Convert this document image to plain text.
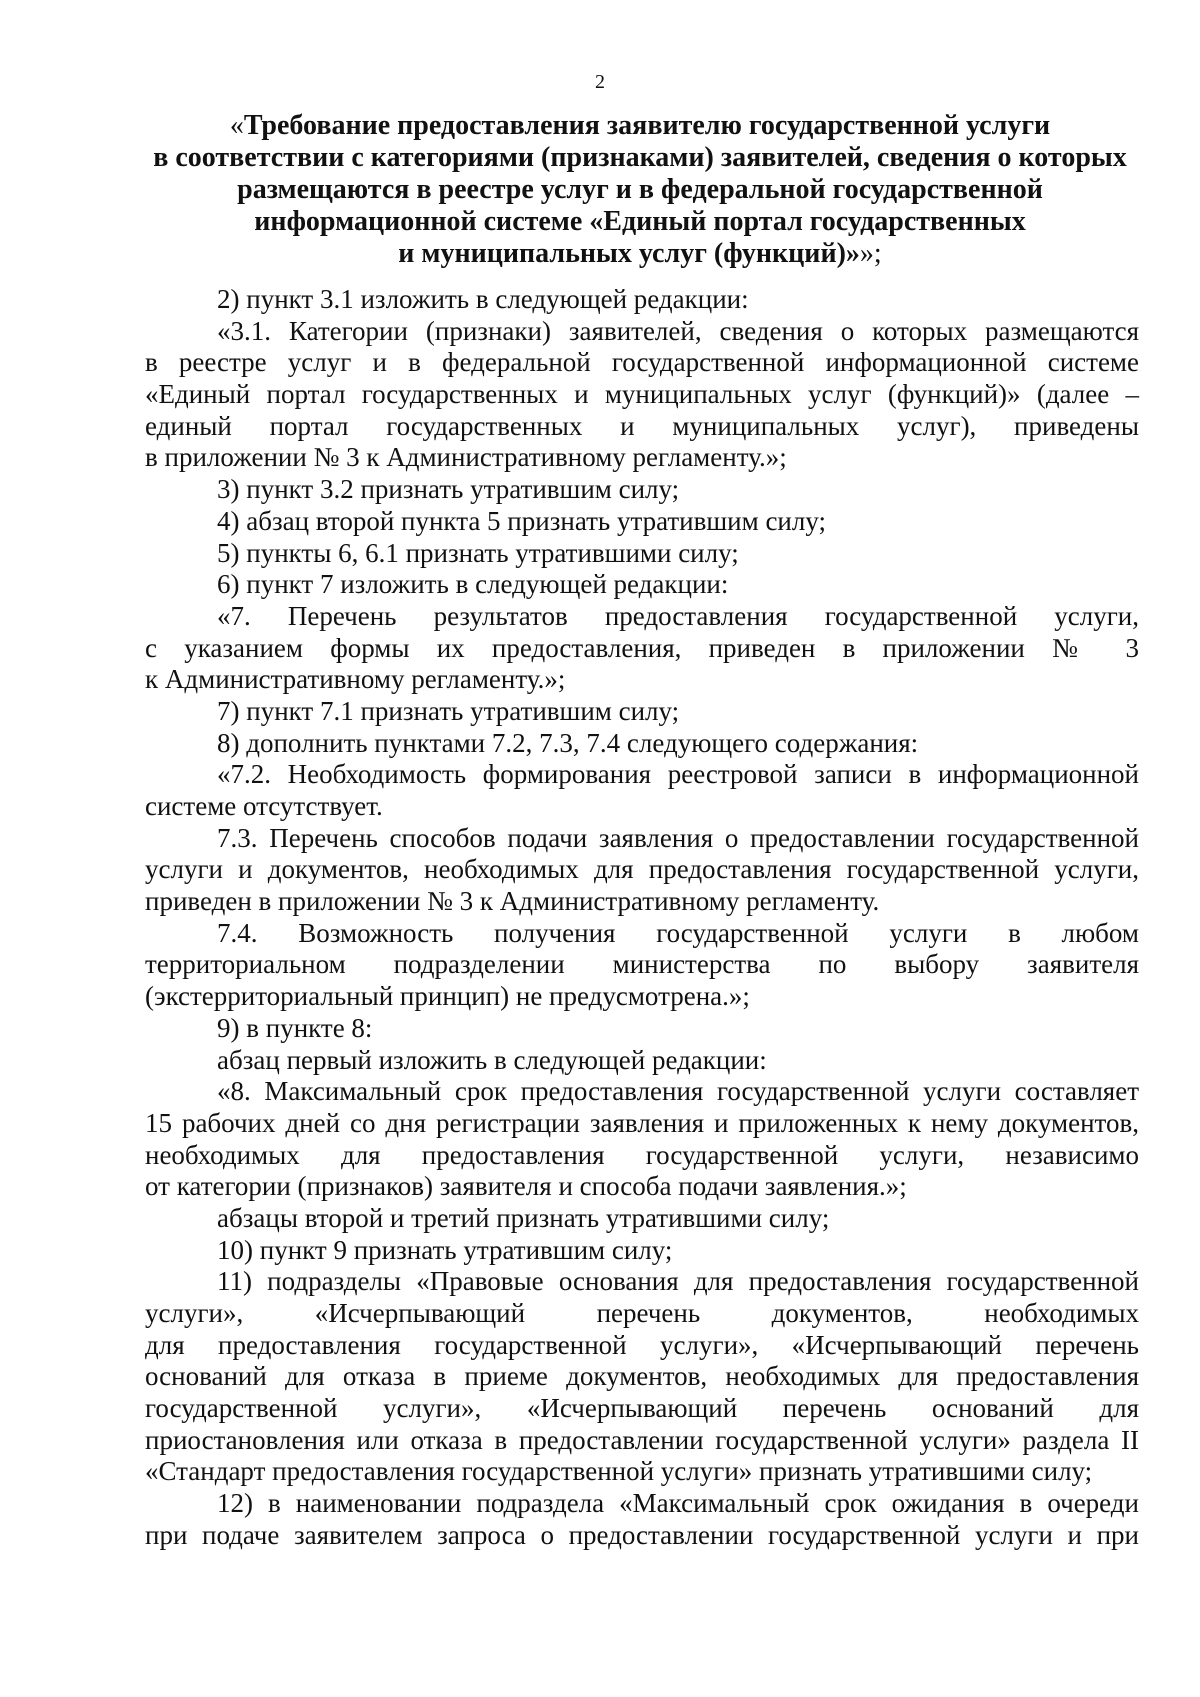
2
«Требование предоставления заявителю государственной услуги
в соответствии с категориями (признаками) заявителей, сведения о которых
размещаются в реестре услуг и в федеральной государственной
информационной системе «Единый портал государственных
и муниципальных услуг (функций)»»;
2) пункт 3.1 изложить в следующей редакции:
«3.1. Категории (признаки) заявителей, сведения о которых размещаются
в реестре услуг и в федеральной государственной информационной системе
«Единый портал государственных и муниципальных услуг (функций)» (далее –
единый портал государственных и муниципальных услуг), приведены
в приложении № 3 к Административному регламенту.»;
3) пункт 3.2 признать утратившим силу;
4) абзац второй пункта 5 признать утратившим силу;
5) пункты 6, 6.1 признать утратившими силу;
6) пункт 7 изложить в следующей редакции:
«7. Перечень результатов предоставления государственной услуги,
с указанием формы их предоставления, приведен в приложении № 3
к Административному регламенту.»;
7) пункт 7.1 признать утратившим силу;
8) дополнить пунктами 7.2, 7.3, 7.4 следующего содержания:
«7.2. Необходимость формирования реестровой записи в информационной
системе отсутствует.
7.3. Перечень способов подачи заявления о предоставлении государственной
услуги и документов, необходимых для предоставления государственной услуги,
приведен в приложении № 3 к Административному регламенту.
7.4. Возможность получения государственной услуги в любом
территориальном подразделении министерства по выбору заявителя
(экстерриториальный принцип) не предусмотрена.»;
9) в пункте 8:
абзац первый изложить в следующей редакции:
«8. Максимальный срок предоставления государственной услуги составляет
15 рабочих дней со дня регистрации заявления и приложенных к нему документов,
необходимых для предоставления государственной услуги, независимо
от категории (признаков) заявителя и способа подачи заявления.»;
абзацы второй и третий признать утратившими силу;
10) пункт 9 признать утратившим силу;
11) подразделы «Правовые основания для предоставления государственной
услуги», «Исчерпывающий перечень документов, необходимых
для предоставления государственной услуги», «Исчерпывающий перечень
оснований для отказа в приеме документов, необходимых для предоставления
государственной услуги», «Исчерпывающий перечень оснований для
приостановления или отказа в предоставлении государственной услуги» раздела II
«Стандарт предоставления государственной услуги» признать утратившими силу;
12) в наименовании подраздела «Максимальный срок ожидания в очереди
при подаче заявителем запроса о предоставлении государственной услуги и при
